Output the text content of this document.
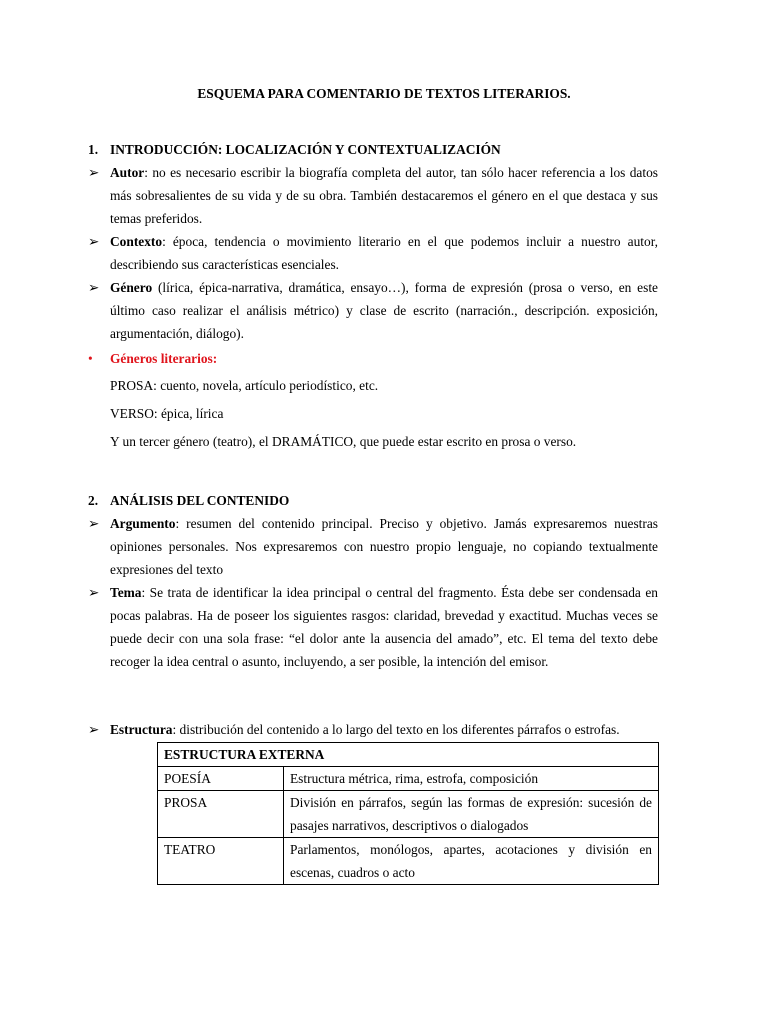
ESQUEMA PARA COMENTARIO DE TEXTOS LITERARIOS.
1. INTRODUCCIÓN: LOCALIZACIÓN Y CONTEXTUALIZACIÓN
➢ Autor: no es necesario escribir la biografía completa del autor, tan sólo hacer referencia a los datos más sobresalientes de su vida y de su obra. También destacaremos el género en el que destaca y sus temas preferidos.
➢ Contexto: época, tendencia o movimiento literario en el que podemos incluir a nuestro autor, describiendo sus características esenciales.
➢ Género (lírica, épica-narrativa, dramática, ensayo…), forma de expresión (prosa o verso, en este último caso realizar el análisis métrico) y clase de escrito (narración., descripción. exposición, argumentación, diálogo).
•	Géneros literarios:
PROSA: cuento, novela, artículo periodístico, etc.
VERSO: épica, lírica
Y un tercer género (teatro), el DRAMÁTICO, que puede estar escrito en prosa o verso.
2. ANÁLISIS DEL CONTENIDO
➢ Argumento: resumen del contenido principal. Preciso y objetivo. Jamás expresaremos nuestras opiniones personales. Nos expresaremos con nuestro propio lenguaje, no copiando textualmente expresiones del texto
➢ Tema: Se trata de identificar la idea principal o central del fragmento. Ésta debe ser condensada en pocas palabras. Ha de poseer los siguientes rasgos: claridad, brevedad y exactitud. Muchas veces se puede decir con una sola frase: “el dolor ante la ausencia del amado”, etc. El tema del texto debe recoger la idea central o asunto, incluyendo, a ser posible, la intención del emisor.
➢ Estructura: distribución del contenido a lo largo del texto en los diferentes párrafos o estrofas.
ESTRUCTURA EXTERNA	
POESÍA	Estructura métrica, rima, estrofa, composición
PROSA	División en párrafos, según las formas de expresión: sucesión de pasajes narrativos, descriptivos o dialogados
TEATRO	Parlamentos, monólogos, apartes, acotaciones y división en escenas, cuadros o acto
